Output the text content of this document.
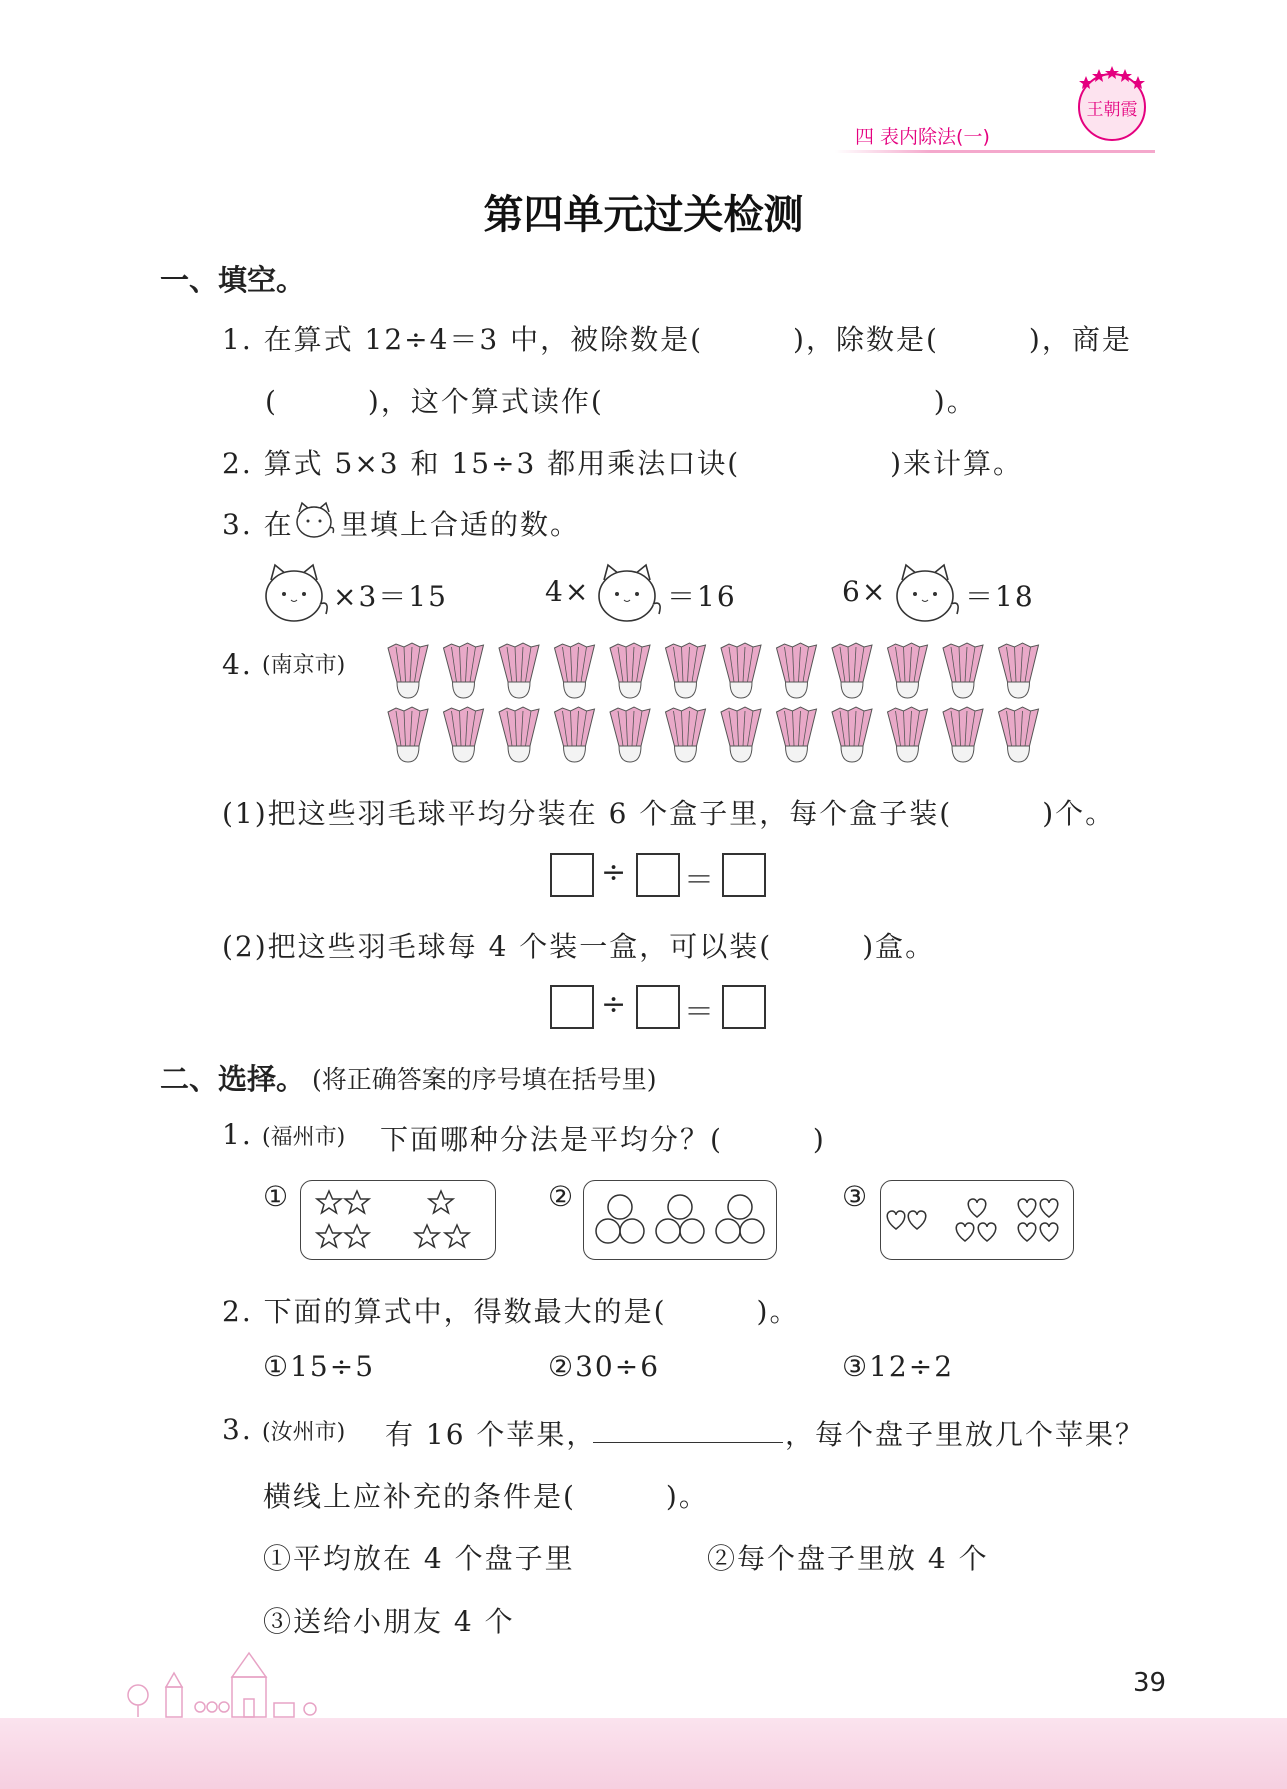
四 表内除法(一)
王朝霞
第四单元过关检测
一、填空。
1. 在算式 12÷4＝3 中，被除数是(　　　)，除数是(　　　)，商是
(　　　)，这个算式读作(　　　　　　　　　　　)。
2. 算式 5×3 和 15÷3 都用乘法口诀(　　　　　)来计算。
3. 在 里填上合适的数。
×3＝15	4×	＝16	6×	＝18
4. (南京市)
(1)把这些羽毛球平均分装在 6 个盒子里，每个盒子装(　　　)个。
÷ ＝
(2)把这些羽毛球每 4 个装一盒，可以装(　　　)盒。
÷ ＝
二、选择。 (将正确答案的序号填在括号里)
1. (福州市) 下面哪种分法是平均分？(　　　)
①	②	③
2. 下面的算式中，得数最大的是(　　　)。
①15÷5	②30÷6	③12÷2
3. (汝州市) 有 16 个苹果，	，每个盘子里放几个苹果？
横线上应补充的条件是(　　　)。
①平均放在 4 个盘子里	②每个盘子里放 4 个
③送给小朋友 4 个
39
